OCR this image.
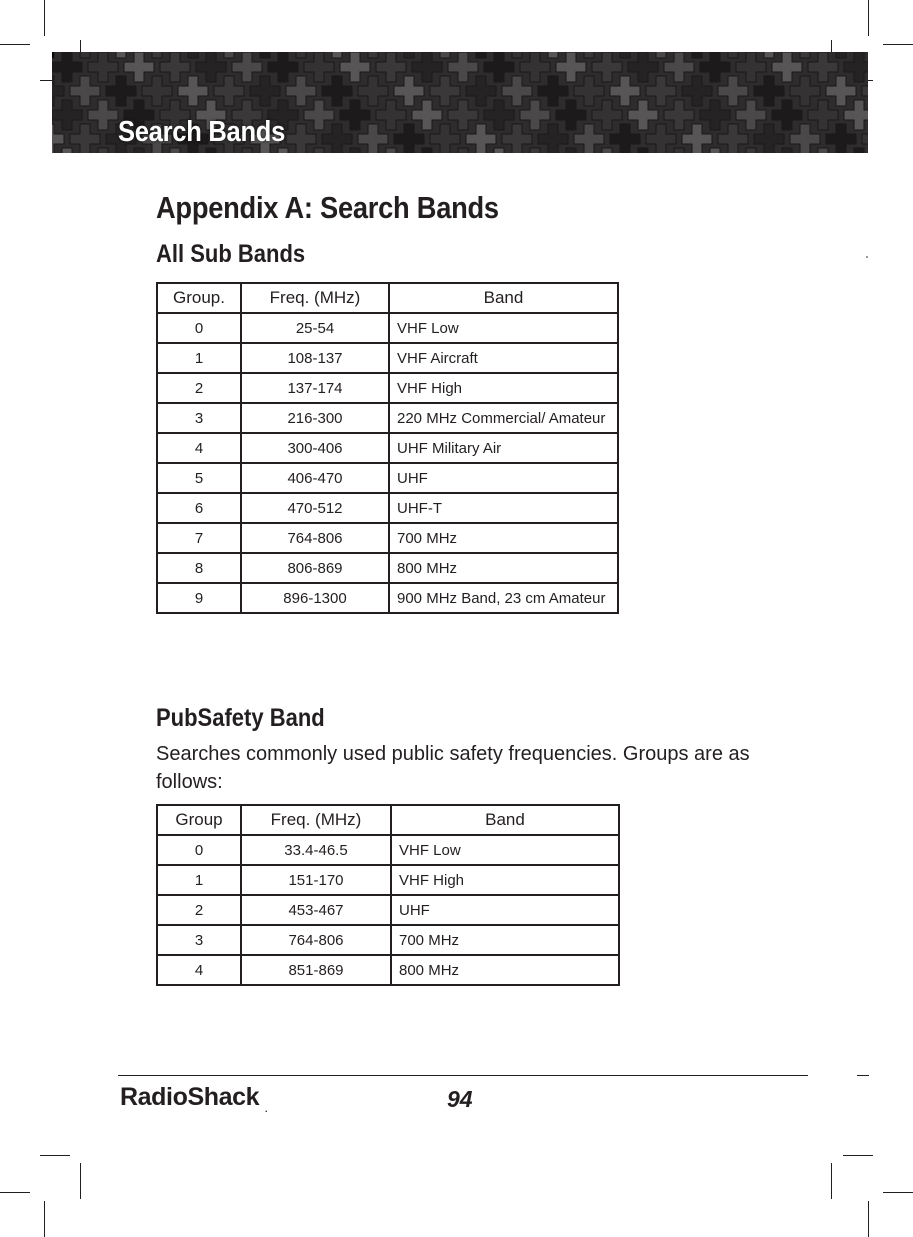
Search Bands
Appendix A: Search Bands
All Sub Bands
Group.	Freq. (MHz)	Band
0	25-54	VHF Low
1	108-137	VHF Aircraft
2	137-174	VHF High
3	216-300	220 MHz Commercial/ Amateur
4	300-406	UHF Military Air
5	406-470	UHF
6	470-512	UHF-T
7	764-806	700 MHz
8	806-869	800 MHz
9	896-1300	900 MHz Band, 23 cm Amateur
PubSafety Band
Searches commonly used public safety frequencies. Groups are as follows:
Group	Freq. (MHz)	Band
0	33.4-46.5	VHF Low
1	151-170	VHF High
2	453-467	UHF
3	764-806	700 MHz
4	851-869	800 MHz
RadioShack .	94
